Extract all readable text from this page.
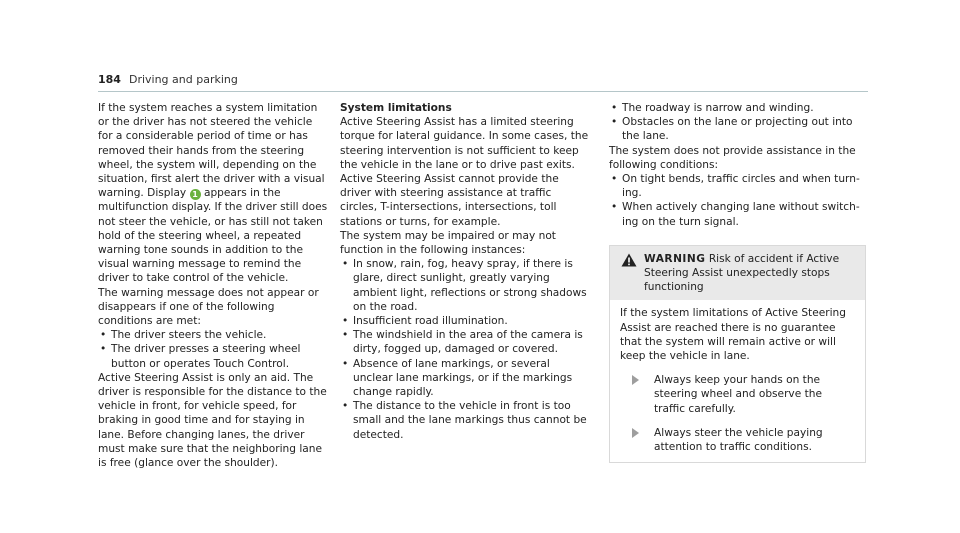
184 Driving and parking

If the system reaches a system limitation or the driver has not steered the vehicle for a considerable period of time or has removed their hands from the steering wheel, the system will, depending on the situation, first alert the driver with a visual warning. Display 1 appears in the multifunction display. If the driver still does not steer the vehicle, or has still not taken hold of the steering wheel, a repeated warning tone sounds in addition to the visual warning message to remind the driver to take control of the vehicle.

The warning message does not appear or disappears if one of the following conditions are met:

• The driver steers the vehicle.
• The driver presses a steering wheel button or operates Touch Control.

Active Steering Assist is only an aid. The driver is responsible for the distance to the vehicle in front, for vehicle speed, for braking in good time and for staying in lane. Before changing lanes, the driver must make sure that the neighboring lane is free (glance over the shoulder).

System limitations

Active Steering Assist has a limited steering torque for lateral guidance. In some cases, the steering intervention is not sufficient to keep the vehicle in the lane or to drive past exits. Active Steering Assist cannot provide the driver with steering assistance at traffic circles, T-intersections, intersections, toll stations or turns, for example.

The system may be impaired or may not function in the following instances:

• In snow, rain, fog, heavy spray, if there is glare, direct sunlight, greatly varying ambient light, reflections or strong shadows on the road.
• Insufficient road illumination.
• The windshield in the area of the camera is dirty, fogged up, damaged or covered.
• Absence of lane markings, or several unclear lane markings, or if the markings change rapidly.
• The distance to the vehicle in front is too small and the lane markings thus cannot be detected.
• The roadway is narrow and winding.
• Obstacles on the lane or projecting out into the lane.

The system does not provide assistance in the following conditions:

• On tight bends, traffic circles and when turning.
• When actively changing lane without switching on the turn signal.
WARNING Risk of accident if Active Steering Assist unexpectedly stops functioning

If the system limitations of Active Steering Assist are reached there is no guarantee that the system will remain active or will keep the vehicle in lane.

Always keep your hands on the steering wheel and observe the traffic carefully.
Always steer the vehicle paying attention to traffic conditions.
